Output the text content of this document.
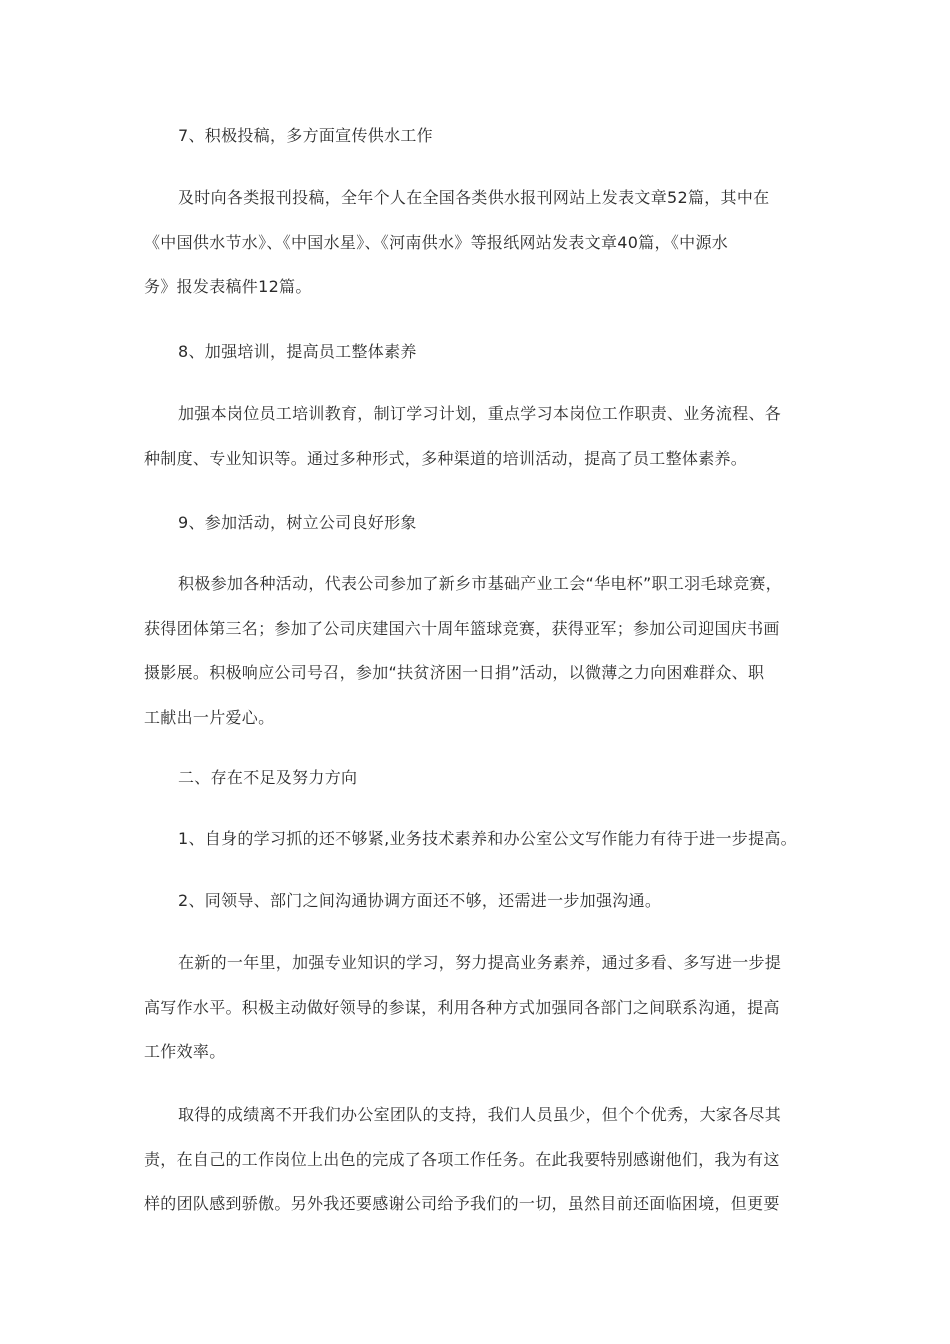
7、积极投稿，多方面宣传供水工作
及时向各类报刊投稿，全年个人在全国各类供水报刊网站上发表文章52篇，其中在
《中国供水节水》、《中国水星》、《河南供水》等报纸网站发表文章40篇，《中源水
务》报发表稿件12篇。
8、加强培训，提高员工整体素养
加强本岗位员工培训教育，制订学习计划，重点学习本岗位工作职责、业务流程、各
种制度、专业知识等。通过多种形式，多种渠道的培训活动，提高了员工整体素养。
9、参加活动，树立公司良好形象
积极参加各种活动，代表公司参加了新乡市基础产业工会“华电杯”职工羽毛球竞赛，
获得团体第三名；参加了公司庆建国六十周年篮球竞赛，获得亚军；参加公司迎国庆书画
摄影展。积极响应公司号召，参加“扶贫济困一日捐”活动，以微薄之力向困难群众、职
工献出一片爱心。
二、存在不足及努力方向
1、自身的学习抓的还不够紧,业务技术素养和办公室公文写作能力有待于进一步提高。
2、同领导、部门之间沟通协调方面还不够，还需进一步加强沟通。
在新的一年里，加强专业知识的学习，努力提高业务素养，通过多看、多写进一步提
高写作水平。积极主动做好领导的参谋，利用各种方式加强同各部门之间联系沟通，提高
工作效率。
取得的成绩离不开我们办公室团队的支持，我们人员虽少，但个个优秀，大家各尽其
责，在自己的工作岗位上出色的完成了各项工作任务。在此我要特别感谢他们，我为有这
样的团队感到骄傲。另外我还要感谢公司给予我们的一切，虽然目前还面临困境，但更要
